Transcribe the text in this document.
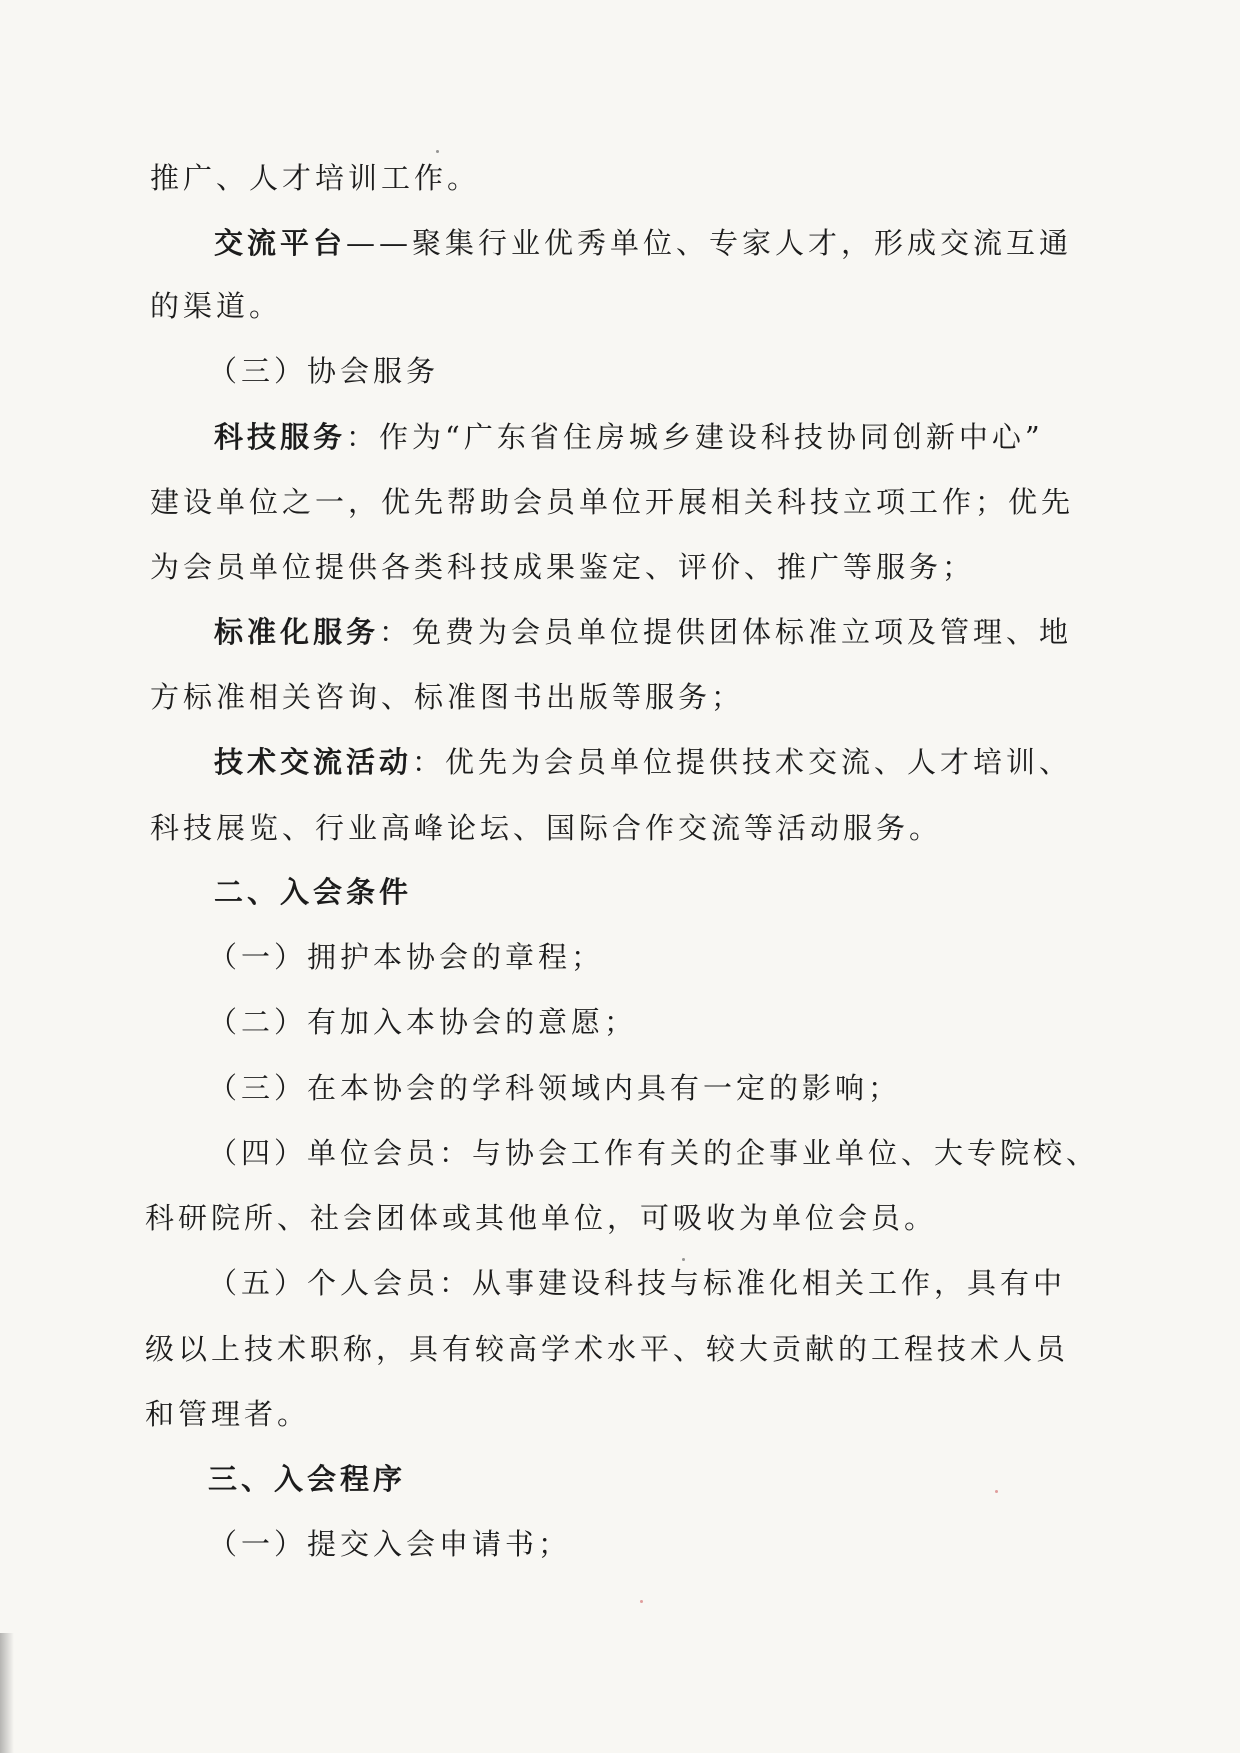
推广、人才培训工作。
交流平台——聚集行业优秀单位、专家人才，形成交流互通
的渠道。
（三）协会服务
科技服务：作为“广东省住房城乡建设科技协同创新中心”
建设单位之一，优先帮助会员单位开展相关科技立项工作；优先
为会员单位提供各类科技成果鉴定、评价、推广等服务；
标准化服务：免费为会员单位提供团体标准立项及管理、地
方标准相关咨询、标准图书出版等服务；
技术交流活动：优先为会员单位提供技术交流、人才培训、
科技展览、行业高峰论坛、国际合作交流等活动服务。
二、入会条件
（一）拥护本协会的章程；
（二）有加入本协会的意愿；
（三）在本协会的学科领域内具有一定的影响；
（四）单位会员：与协会工作有关的企事业单位、大专院校、
科研院所、社会团体或其他单位，可吸收为单位会员。
（五）个人会员：从事建设科技与标准化相关工作，具有中
级以上技术职称，具有较高学术水平、较大贡献的工程技术人员
和管理者。
三、入会程序
（一）提交入会申请书；
